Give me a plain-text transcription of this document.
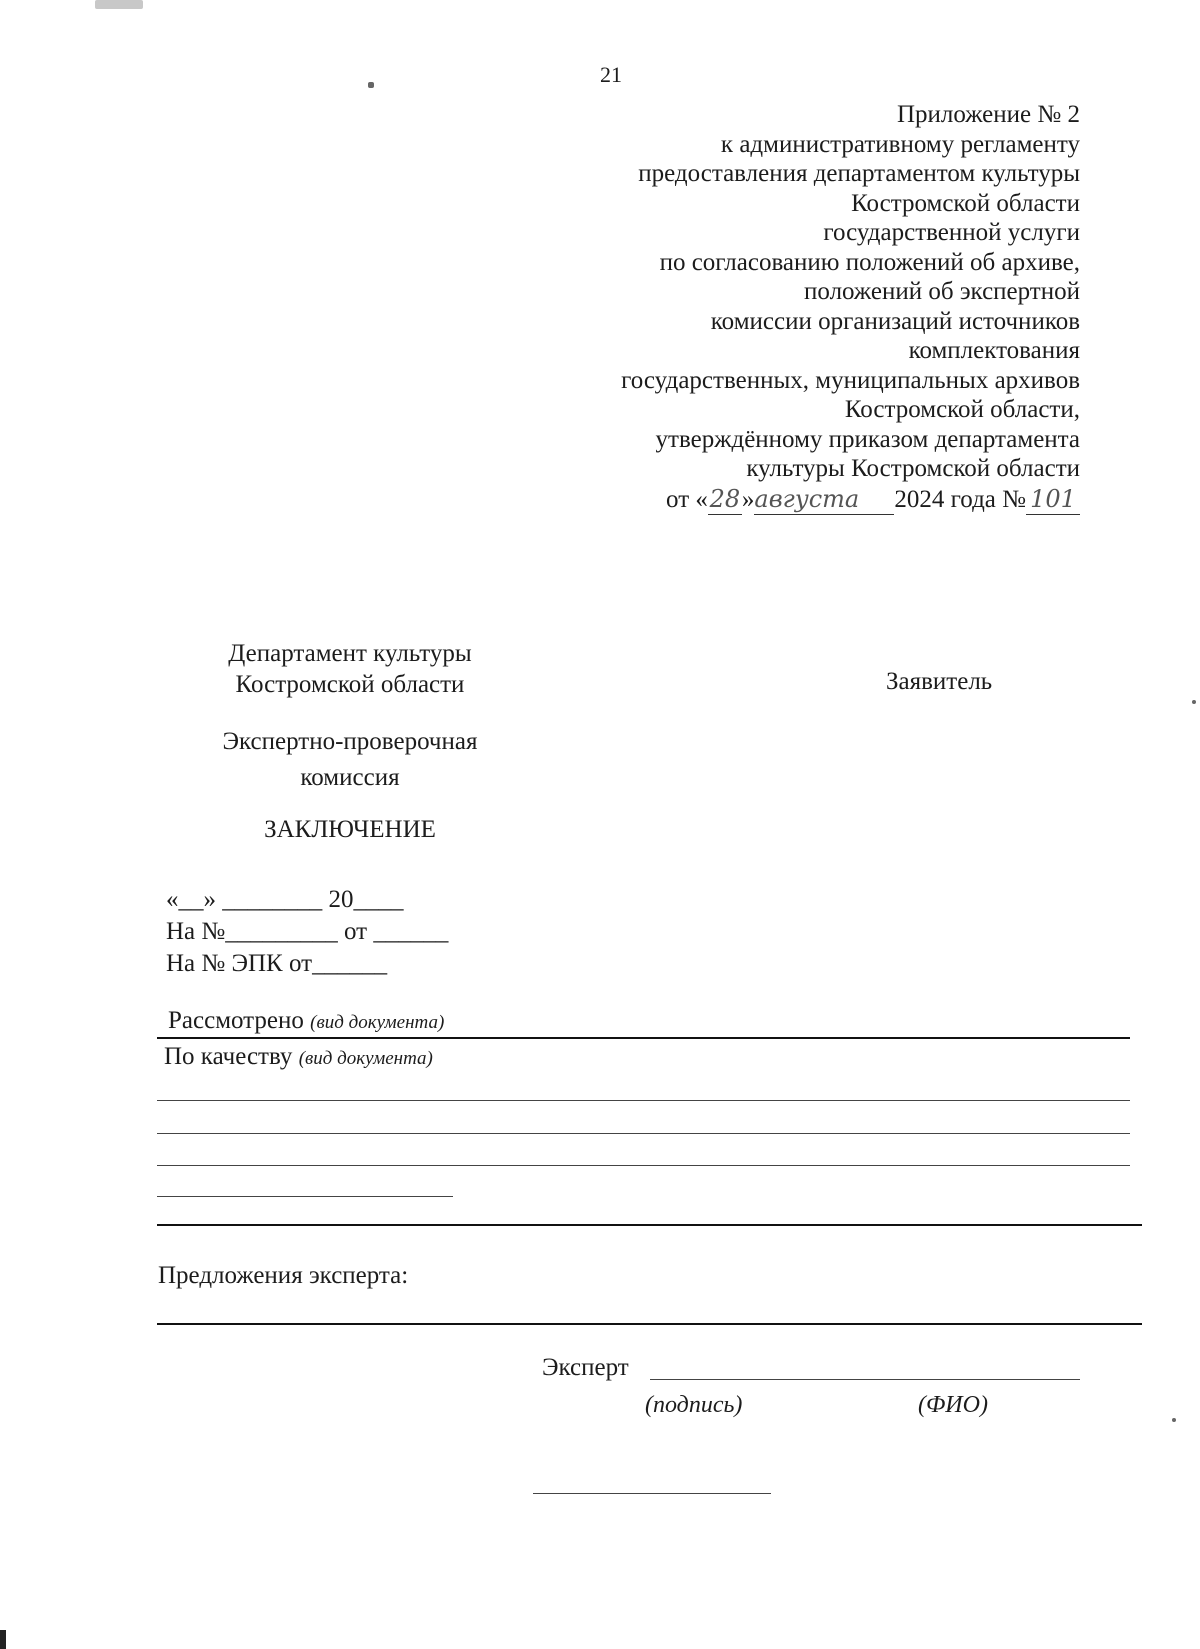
21
Приложение № 2
к административному регламенту
предоставления департаментом культуры
Костромской области
государственной услуги
по согласованию положений об архиве,
положений об экспертной
комиссии организаций источников
комплектования
государственных, муниципальных архивов
Костромской области,
утверждённому приказом департамента
культуры Костромской области
от «28»августа 2024 года № 101
Департамент культуры
Костромской области
Экспертно-проверочная
комиссия
ЗАКЛЮЧЕНИЕ
Заявитель
«__» ________ 20____
На №_________ от ______
На № ЭПК от______
Рассмотрено (вид документа)
По качеству (вид документа)
Предложения эксперта:
Эксперт
(подпись)	(ФИО)
